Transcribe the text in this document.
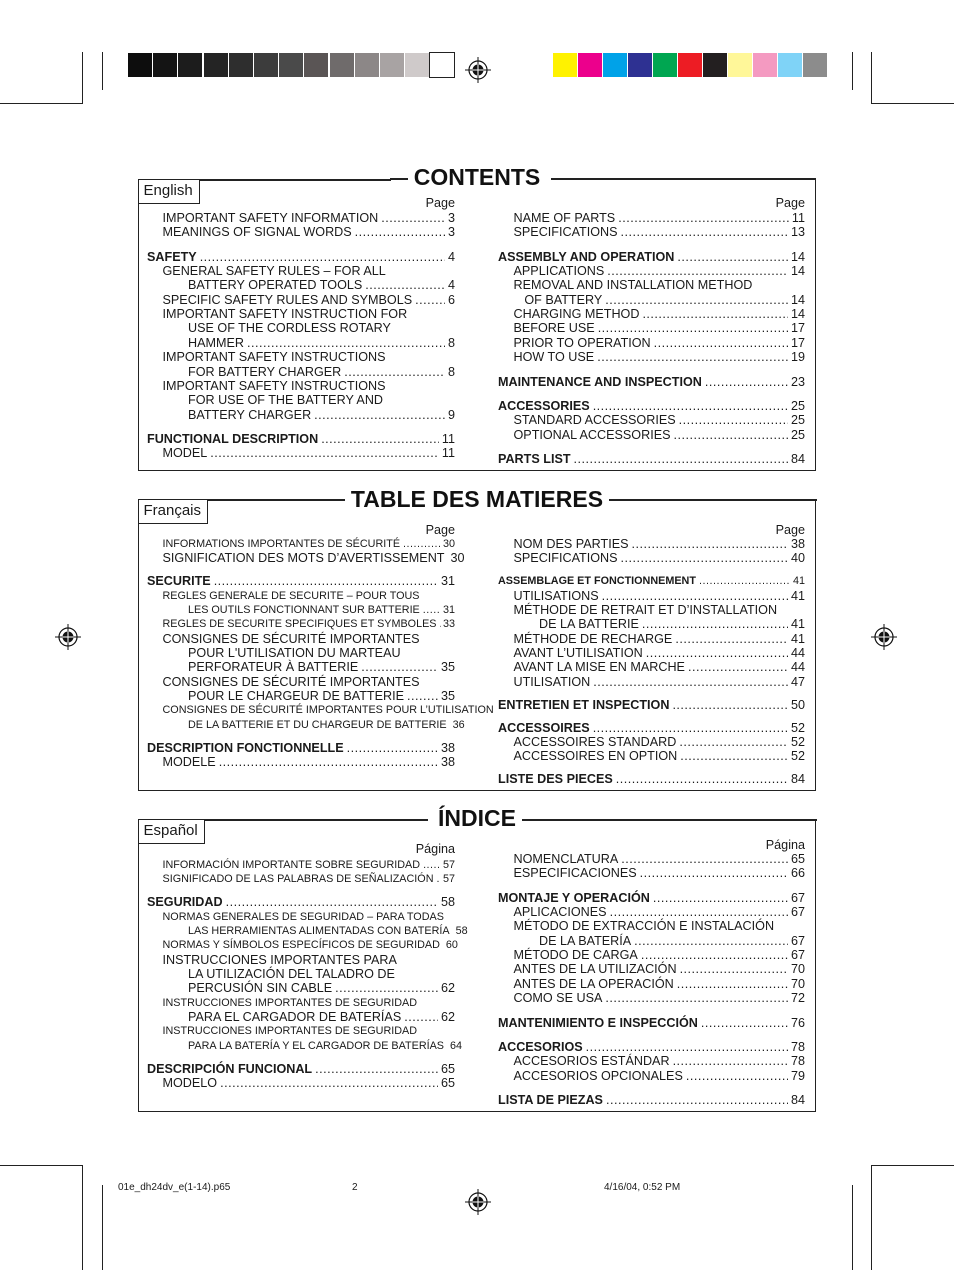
CONTENTS
English
Page
IMPORTANT SAFETY INFORMATION .....	3
MEANINGS OF SIGNAL WORDS .....	3
SAFETY .....	4
GENERAL SAFETY RULES – FOR ALL
BATTERY OPERATED TOOLS .....	4
SPECIFIC SAFETY RULES AND SYMBOLS .....	6
IMPORTANT SAFETY INSTRUCTION FOR
USE OF THE CORDLESS ROTARY
HAMMER .....	8
IMPORTANT SAFETY INSTRUCTIONS
FOR BATTERY CHARGER .....	8
IMPORTANT SAFETY INSTRUCTIONS
FOR USE OF THE BATTERY AND
BATTERY CHARGER .....	9
FUNCTIONAL DESCRIPTION .....	11
MODEL .....	11
Page
NAME OF PARTS .....	11
SPECIFICATIONS .....	13
ASSEMBLY AND OPERATION .....	14
APPLICATIONS .....	14
REMOVAL AND INSTALLATION METHOD
OF BATTERY .....	14
CHARGING METHOD .....	14
BEFORE USE .....	17
PRIOR TO OPERATION .....	17
HOW TO USE .....	19
MAINTENANCE AND INSPECTION .....	23
ACCESSORIES .....	25
STANDARD ACCESSORIES .....	25
OPTIONAL ACCESSORIES .....	25
PARTS LIST .....	84
TABLE DES MATIERES
Français
Page
INFORMATIONS IMPORTANTES DE SÉCURITÉ .....	30
SIGNIFICATION DES MOTS D’AVERTISSEMENT 30
SECURITE .....	31
REGLES GENERALE DE SECURITE – POUR TOUS
LES OUTILS FONCTIONNANT SUR BATTERIE ..... 31
REGLES DE SECURITE SPECIFIQUES ET SYMBOLES ..... 33
CONSIGNES DE SÉCURITÉ IMPORTANTES
POUR L'UTILISATION DU MARTEAU
PERFORATEUR À BATTERIE .....	35
CONSIGNES DE SÉCURITÉ IMPORTANTES
POUR LE CHARGEUR DE BATTERIE .....	35
CONSIGNES DE SÉCURITÉ IMPORTANTES POUR L’UTILISATION
DE LA BATTERIE ET DU CHARGEUR DE BATTERIE 36
DESCRIPTION FONCTIONNELLE .....	38
MODELE .....	38
Page
NOM DES PARTIES .....	38
SPECIFICATIONS .....	40
ASSEMBLAGE ET FONCTIONNEMENT .....	41
UTILISATIONS .....	41
MÉTHODE DE RETRAIT ET D’INSTALLATION
DE LA BATTERIE .....	41
MÉTHODE DE RECHARGE .....	41
AVANT L’UTILISATION .....	44
AVANT LA MISE EN MARCHE .....	44
UTILISATION .....	47
ENTRETIEN ET INSPECTION .....	50
ACCESSOIRES .....	52
ACCESSOIRES STANDARD .....	52
ACCESSOIRES EN OPTION .....	52
LISTE DES PIECES .....	84
ÍNDICE
Español
Página
INFORMACIÓN IMPORTANTE SOBRE SEGURIDAD ..... 57
SIGNIFICADO DE LAS PALABRAS DE SEÑALIZACIÓN ..... 57
SEGURIDAD .....	58
NORMAS GENERALES DE SEGURIDAD – PARA TODAS
LAS HERRAMIENTAS ALIMENTADAS CON BATERÍA 58
NORMAS Y SÍMBOLOS ESPECÍFICOS DE SEGURIDAD 60
INSTRUCCIONES IMPORTANTES PARA
LA UTILIZACIÓN DEL TALADRO DE
PERCUSIÓN SIN CABLE .....	62
INSTRUCCIONES IMPORTANTES DE SEGURIDAD
PARA EL CARGADOR DE BATERÍAS .....	62
INSTRUCCIONES IMPORTANTES DE SEGURIDAD
PARA LA BATERÍA Y EL CARGADOR DE BATERÍAS 64
DESCRIPCIÓN FUNCIONAL .....	65
MODELO .....	65
Página
NOMENCLATURA .....	65
ESPECIFICACIONES .....	66
MONTAJE Y OPERACIÓN .....	67
APLICACIONES .....	67
MÉTODO DE EXTRACCIÓN E INSTALACIÓN
DE LA BATERÍA .....	67
MÉTODO DE CARGA .....	67
ANTES DE LA UTILIZACIÓN .....	70
ANTES DE LA OPERACIÓN .....	70
COMO SE USA .....	72
MANTENIMIENTO E INSPECCIÓN .....	76
ACCESORIOS .....	78
ACCESORIOS ESTÁNDAR .....	78
ACCESORIOS OPCIONALES .....	79
LISTA DE PIEZAS .....	84
01e_dh24dv_e(1-14).p65	2	4/16/04, 0:52 PM
